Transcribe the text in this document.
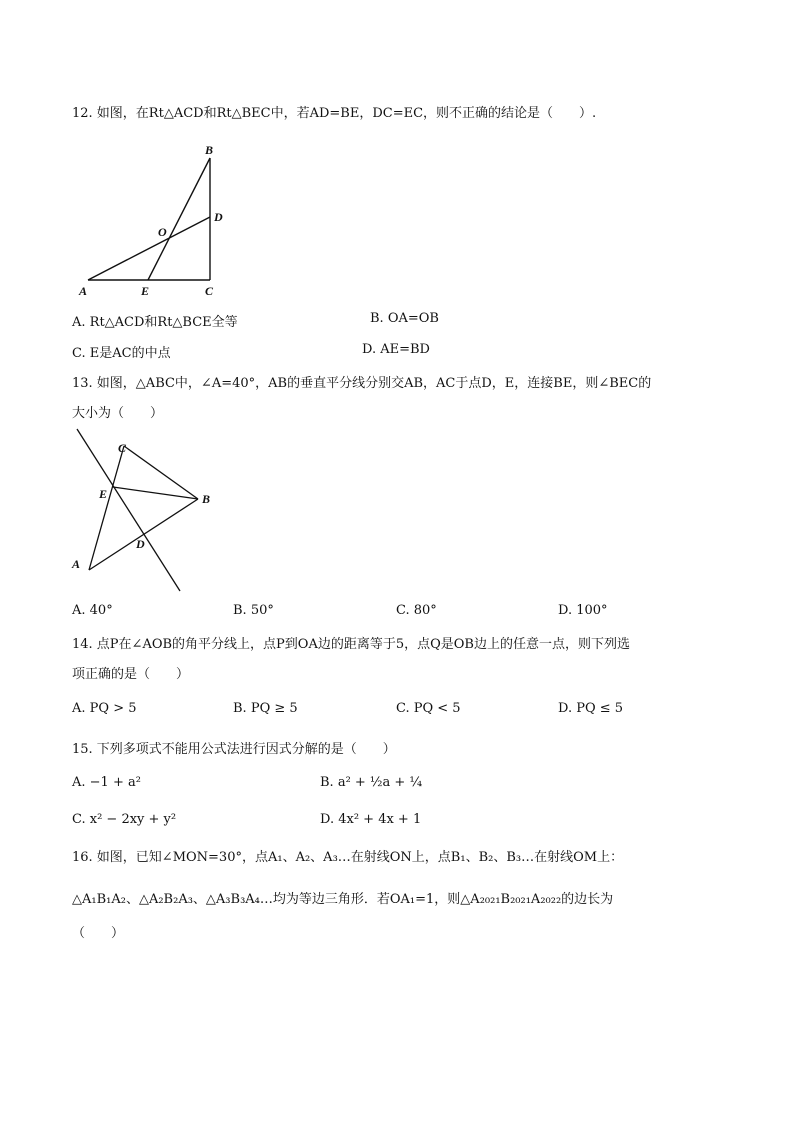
12. 如图，在Rt△ACD和Rt△BEC中，若AD=BE，DC=EC，则不正确的结论是（　　）.
B
D
O
A	E	C
A. Rt△ACD和Rt△BCE全等	B. OA=OB
C. E是AC的中点	D. AE=BD
13. 如图，△ABC中，∠A=40°，AB的垂直平分线分别交AB，AC于点D，E，连接BE，则∠BEC的
大小为（　　）
C
E	B
D
A
A. 40°	B. 50°	C. 80°	D. 100°
14. 点P在∠AOB的角平分线上，点P到OA边的距离等于5，点Q是OB边上的任意一点，则下列选
项正确的是（　　）
A. PQ > 5	B. PQ ≥ 5	C. PQ < 5	D. PQ ≤ 5
15. 下列多项式不能用公式法进行因式分解的是（　　）
A. −1 + a²	B. a² + ½a + ¼
C. x² − 2xy + y²	D. 4x² + 4x + 1
16. 如图，已知∠MON=30°，点A₁、A₂、A₃…在射线ON上，点B₁、B₂、B₃…在射线OM上：
△A₁B₁A₂、△A₂B₂A₃、△A₃B₃A₄…均为等边三角形．若OA₁=1，则△A₂₀₂₁B₂₀₂₁A₂₀₂₂的边长为
（　　）
